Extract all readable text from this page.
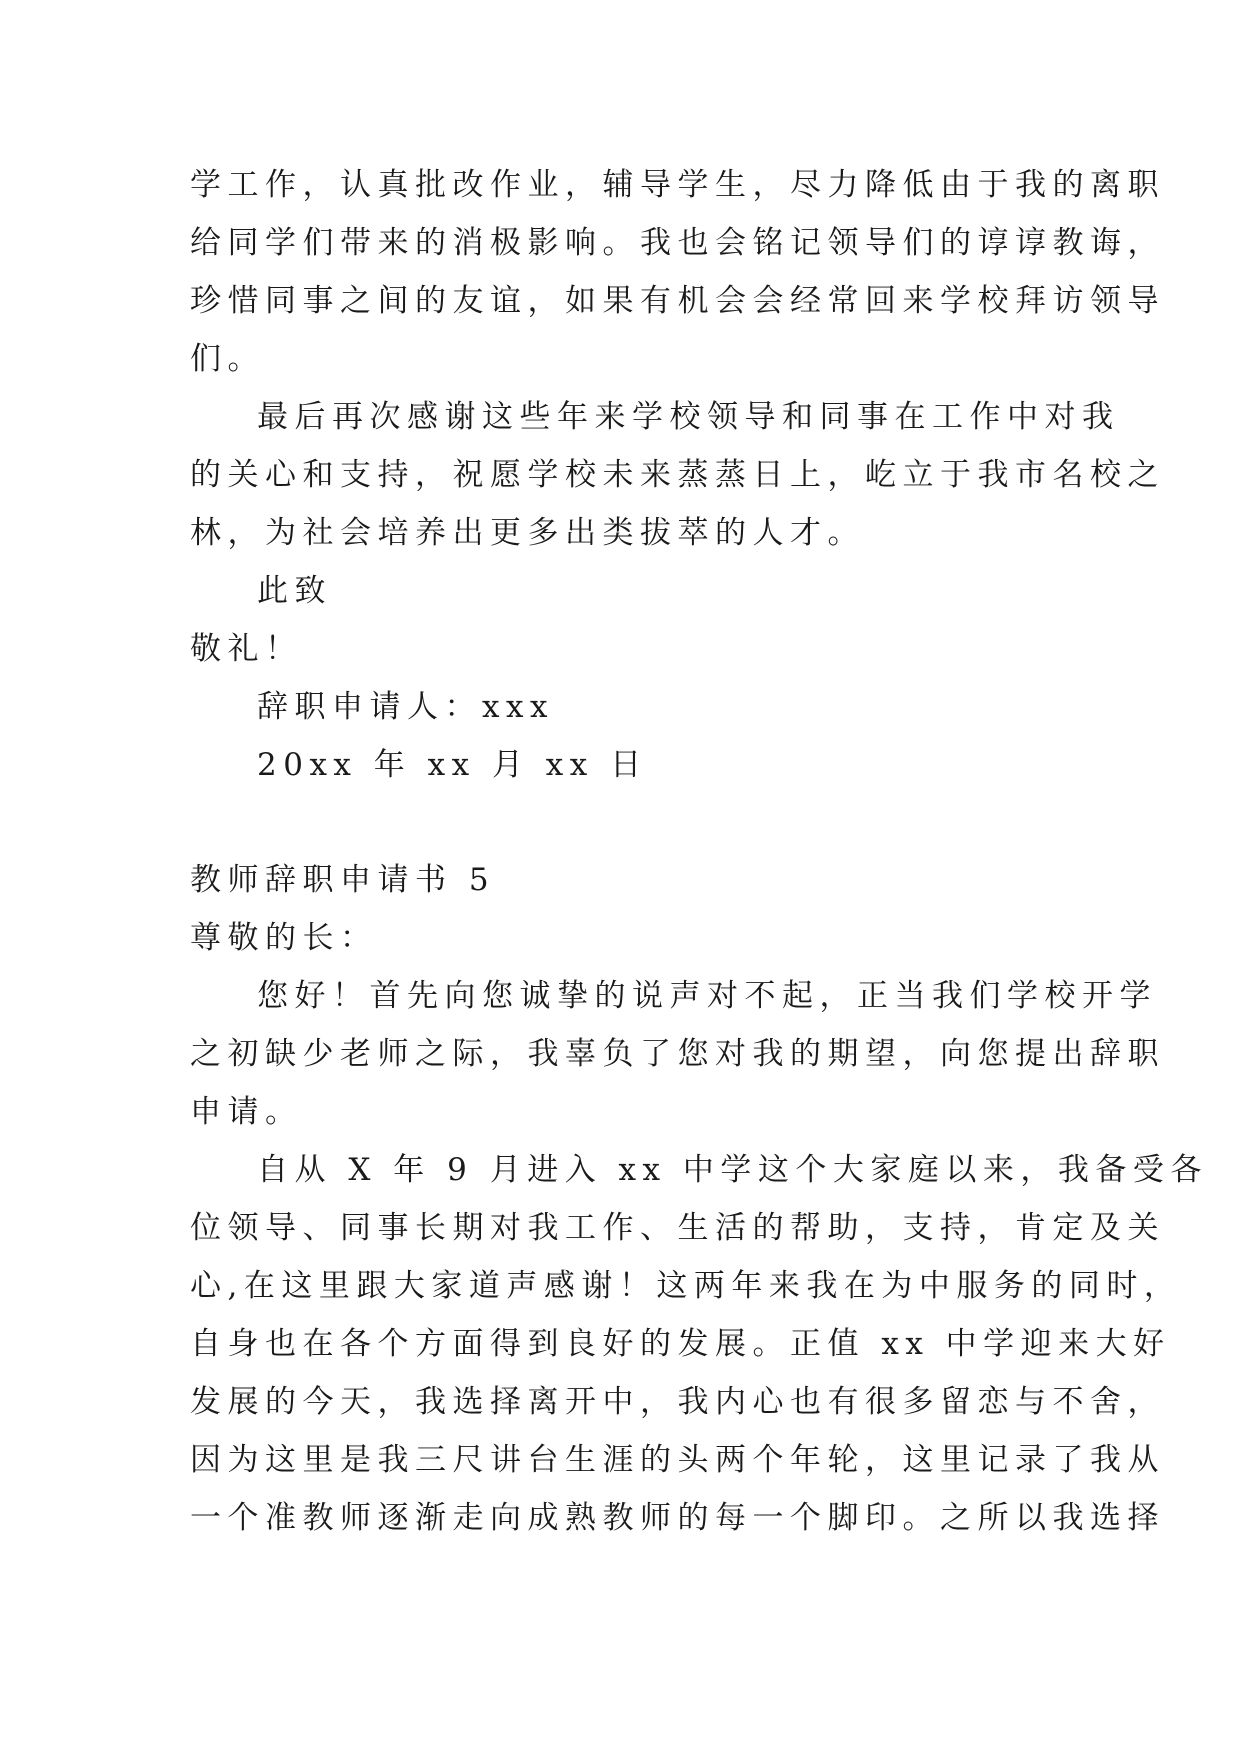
学工作，认真批改作业，辅导学生，尽力降低由于我的离职

给同学们带来的消极影响。我也会铭记领导们的谆谆教诲，

珍惜同事之间的友谊，如果有机会会经常回来学校拜访领导

们。

最后再次感谢这些年来学校领导和同事在工作中对我

的关心和支持，祝愿学校未来蒸蒸日上，屹立于我市名校之

林，为社会培养出更多出类拔萃的人才。

此致

敬礼！

辞职申请人：xxx

20xx 年 xx 月 xx 日

教师辞职申请书 5

尊敬的长：

您好！首先向您诚挚的说声对不起，正当我们学校开学

之初缺少老师之际，我辜负了您对我的期望，向您提出辞职

申请。

自从 X 年 9 月进入 xx 中学这个大家庭以来，我备受各

位领导、同事长期对我工作、生活的帮助，支持，肯定及关

心,在这里跟大家道声感谢！这两年来我在为中服务的同时，

自身也在各个方面得到良好的发展。正值 xx 中学迎来大好

发展的今天，我选择离开中，我内心也有很多留恋与不舍，

因为这里是我三尺讲台生涯的头两个年轮，这里记录了我从

一个准教师逐渐走向成熟教师的每一个脚印。之所以我选择
